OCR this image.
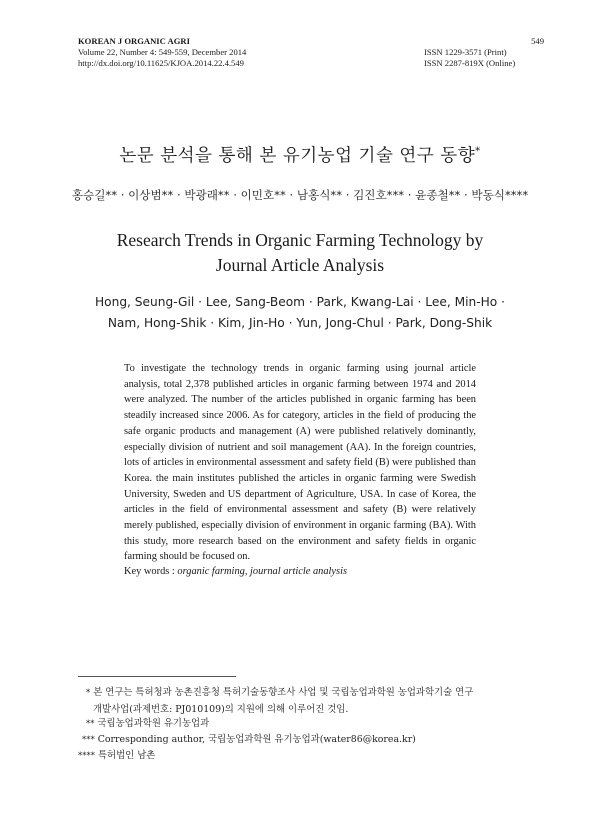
KOREAN J ORGANIC AGRI
Volume 22, Number 4: 549-559, December 2014
http://dx.doi.org/10.11625/KJOA.2014.22.4.549
549
ISSN 1229-3571 (Print)
ISSN 2287-819X (Online)
논문 분석을 통해 본 유기농업 기술 연구 동향*
홍승길** · 이상범** · 박광래** · 이민호** · 남홍식** · 김진호*** · 윤종철** · 박동식****
Research Trends in Organic Farming Technology by
Journal Article Analysis
Hong, Seung-Gil · Lee, Sang-Beom · Park, Kwang-Lai · Lee, Min-Ho ·
Nam, Hong-Shik · Kim, Jin-Ho · Yun, Jong-Chul · Park, Dong-Shik
To investigate the technology trends in organic farming using journal article analysis, total 2,378 published articles in organic farming between 1974 and 2014 were analyzed. The number of the articles published in organic farming has been steadily increased since 2006. As for category, articles in the field of producing the safe organic products and management (A) were published relatively dominantly, especially division of nutrient and soil management (AA). In the foreign countries, lots of articles in environmental assessment and safety field (B) were published than Korea. the main institutes published the articles in organic farming were Swedish University, Sweden and US department of Agriculture, USA. In case of Korea, the articles in the field of environmental assessment and safety (B) were relatively merely published, especially division of environment in organic farming (BA). With this study, more research based on the environment and safety fields in organic farming should be focused on.
Key words : organic farming, journal article analysis
* 본 연구는 특허청과 농촌진흥청 특허기술동향조사 사업 및 국립농업과학원 농업과학기술 연구
개발사업(과제번호: PJ010109)의 지원에 의해 이루어진 것임.
** 국립농업과학원 유기농업과
*** Corresponding author, 국립농업과학원 유기농업과(water86@korea.kr)
**** 특허법인 남촌
